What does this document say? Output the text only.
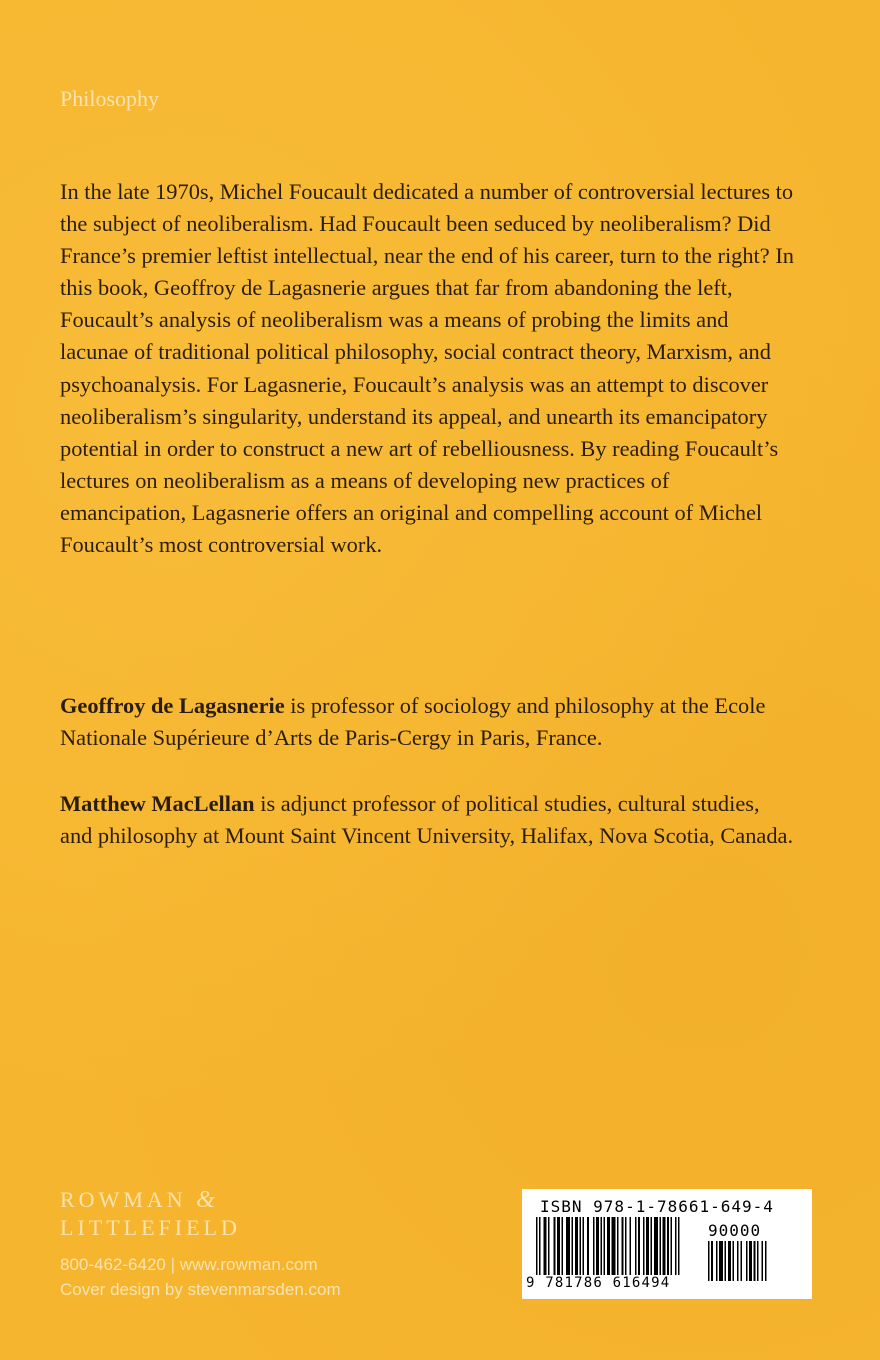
Philosophy

In the late 1970s, Michel Foucault dedicated a number of controversial lectures to the subject of neoliberalism. Had Foucault been seduced by neoliberalism? Did France’s premier leftist intellectual, near the end of his career, turn to the right? In this book, Geoffroy de Lagasnerie argues that far from abandoning the left, Foucault’s analysis of neoliberalism was a means of probing the limits and lacunae of traditional political philosophy, social contract theory, Marxism, and psychoanalysis. For Lagasnerie, Foucault’s analysis was an attempt to discover neoliberalism’s singularity, understand its appeal, and unearth its emancipatory potential in order to construct a new art of rebelliousness. By reading Foucault’s lectures on neoliberalism as a means of developing new practices of emancipation, Lagasnerie offers an original and compelling account of Michel Foucault’s most controversial work.

Geoffroy de Lagasnerie is professor of sociology and philosophy at the Ecole Nationale Supérieure d’Arts de Paris-Cergy in Paris, France.

Matthew MacLellan is adjunct professor of political studies, cultural studies, and philosophy at Mount Saint Vincent University, Halifax, Nova Scotia, Canada.

ROWMAN &
LITTLEFIELD
800-462-6420 | www.rowman.com
Cover design by stevenmarsden.com
ISBN 978-1-78661-649-4
90000
9 781786 616494
